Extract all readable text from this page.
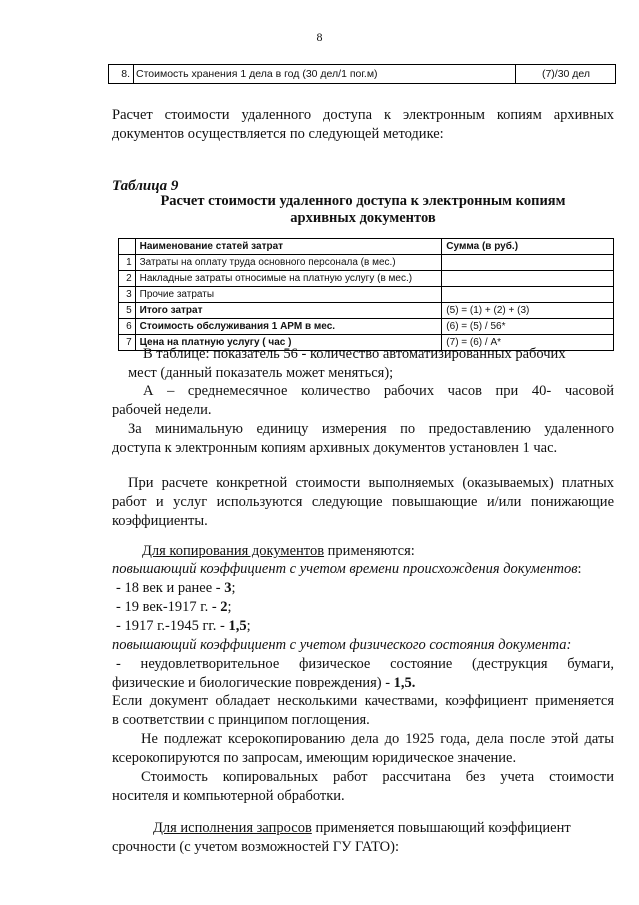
8
8. Стоимость хранения 1 дела в год (30 дел/1 пог.м)	(7)/30 дел
Расчет стоимости удаленного доступа к электронным копиям архивных
документов осуществляется по следующей методике:
Таблица 9
Расчет стоимости удаленного доступа к электронным копиям
архивных документов
	Наименование статей затрат	Сумма (в руб.)
1	Затраты на оплату труда основного персонала (в мес.)	
2	Накладные затраты относимые на платную услугу (в мес.)	
3	Прочие затраты	
5	Итого затрат	(5) = (1) + (2) + (3)
6	Стоимость обслуживания 1 АРМ в мес.	(6) = (5) / 56*
7	Цена на платную услугу ( час )	(7) = (6) / А*
В таблице: показатель 56 - количество автоматизированных рабочих
мест (данный показатель может меняться);
А – среднемесячное количество рабочих часов при 40- часовой
рабочей недели.
За минимальную единицу измерения по предоставлению удаленного
доступа к электронным копиям архивных документов установлен 1 час.
При расчете конкретной стоимости выполняемых (оказываемых) платных
работ и услуг используются следующие повышающие и/или понижающие
коэффициенты.
Для копирования документов применяются:
повышающий коэффициент с учетом времени происхождения документов:
- 18 век и ранее - 3;
- 19 век-1917 г. - 2;
- 1917 г.-1945 гг. - 1,5;
повышающий коэффициент с учетом физического состояния документа:
- неудовлетворительное физическое состояние (деструкция бумаги,
физические и биологические повреждения) - 1,5.
Если документ обладает несколькими качествами, коэффициент применяется
в соответствии с принципом поглощения.
Не подлежат ксерокопированию дела до 1925 года, дела после этой даты
ксерокопируются по запросам, имеющим юридическое значение.
Стоимость копировальных работ рассчитана без учета стоимости
носителя и компьютерной обработки.
Для исполнения запросов применяется повышающий коэффициент
срочности (с учетом возможностей ГУ ГАТО):
